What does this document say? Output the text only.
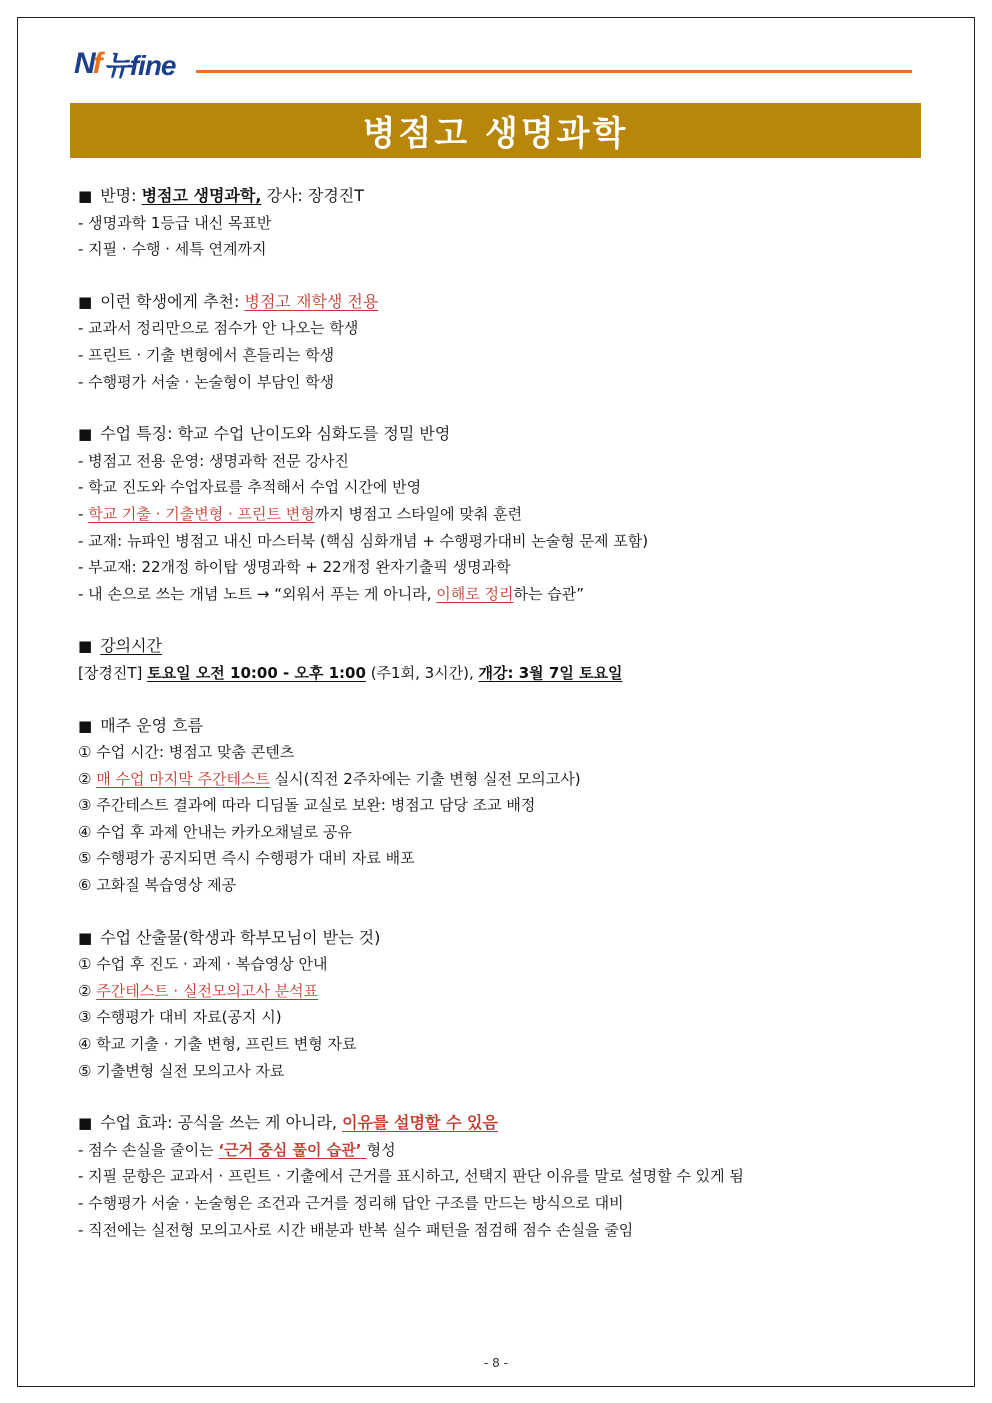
Nf 뉴fine
병점고 생명과학
■ 반명: 병점고 생명과학, 강사: 장경진T
- 생명과학 1등급 내신 목표반
- 지필 · 수행 · 세특 연계까지
■ 이런 학생에게 추천: 병점고 재학생 전용
- 교과서 정리만으로 점수가 안 나오는 학생
- 프린트 · 기출 변형에서 흔들리는 학생
- 수행평가 서술 · 논술형이 부담인 학생
■ 수업 특징: 학교 수업 난이도와 심화도를 정밀 반영
- 병점고 전용 운영: 생명과학 전문 강사진
- 학교 진도와 수업자료를 추적해서 수업 시간에 반영
- 학교 기출 · 기출변형 · 프린트 변형까지 병점고 스타일에 맞춰 훈련
- 교재: 뉴파인 병점고 내신 마스터북 (핵심 심화개념 + 수행평가대비 논술형 문제 포함)
- 부교재: 22개정 하이탑 생명과학 + 22개정 완자기출픽 생명과학
- 내 손으로 쓰는 개념 노트 → “외워서 푸는 게 아니라, 이해로 정리하는 습관”
■ 강의시간
[장경진T] 토요일 오전 10:00 - 오후 1:00 (주1회, 3시간), 개강: 3월 7일 토요일
■ 매주 운영 흐름
① 수업 시간: 병점고 맞춤 콘텐츠
② 매 수업 마지막 주간테스트 실시(직전 2주차에는 기출 변형 실전 모의고사)
③ 주간테스트 결과에 따라 디딤돌 교실로 보완: 병점고 담당 조교 배정
④ 수업 후 과제 안내는 카카오채널로 공유
⑤ 수행평가 공지되면 즉시 수행평가 대비 자료 배포
⑥ 고화질 복습영상 제공
■ 수업 산출물(학생과 학부모님이 받는 것)
① 수업 후 진도 · 과제 · 복습영상 안내
② 주간테스트 · 실전모의고사 분석표
③ 수행평가 대비 자료(공지 시)
④ 학교 기출 · 기출 변형, 프린트 변형 자료
⑤ 기출변형 실전 모의고사 자료
■ 수업 효과: 공식을 쓰는 게 아니라, 이유를 설명할 수 있음
- 점수 손실을 줄이는 ‘근거 중심 풀이 습관’ 형성
- 지필 문항은 교과서 · 프린트 · 기출에서 근거를 표시하고, 선택지 판단 이유를 말로 설명할 수 있게 됨
- 수행평가 서술 · 논술형은 조건과 근거를 정리해 답안 구조를 만드는 방식으로 대비
- 직전에는 실전형 모의고사로 시간 배분과 반복 실수 패턴을 점검해 점수 손실을 줄임
- 8 -
